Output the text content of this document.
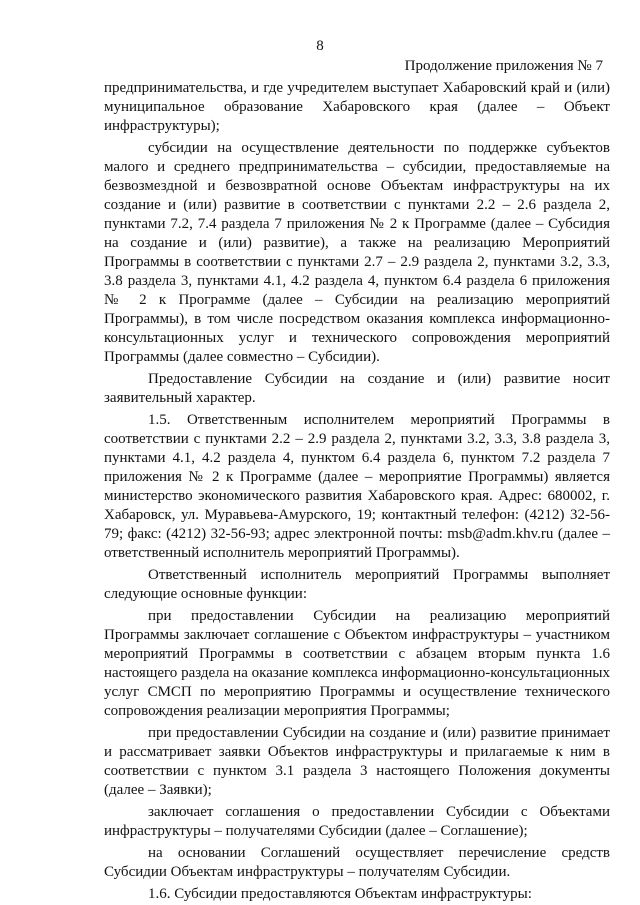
8
Продолжение приложения № 7

предпринимательства, и где учредителем выступает Хабаровский край и (или) муниципальное образование Хабаровского края (далее – Объект инфраструктуры);

субсидии на осуществление деятельности по поддержке субъектов малого и среднего предпринимательства – субсидии, предоставляемые на безвозмездной и безвозвратной основе Объектам инфраструктуры на их создание и (или) развитие в соответствии с пунктами 2.2 – 2.6 раздела 2, пунктами 7.2, 7.4 раздела 7 приложения № 2 к Программе (далее – Субсидия на создание и (или) развитие), а также на реализацию Мероприятий Программы в соответствии с пунктами 2.7 – 2.9 раздела 2, пунктами 3.2, 3.3, 3.8 раздела 3, пунктами 4.1, 4.2 раздела 4, пунктом 6.4 раздела 6 приложения № 2 к Программе (далее – Субсидии на реализацию мероприятий Программы), в том числе посредством оказания комплекса информационно-консультационных услуг и технического сопровождения мероприятий Программы (далее совместно – Субсидии).

Предоставление Субсидии на создание и (или) развитие носит заявительный характер.

1.5. Ответственным исполнителем мероприятий Программы в соответствии с пунктами 2.2 – 2.9 раздела 2, пунктами 3.2, 3.3, 3.8 раздела 3, пунктами 4.1, 4.2 раздела 4, пунктом 6.4 раздела 6, пунктом 7.2 раздела 7 приложения № 2 к Программе (далее – мероприятие Программы) является министерство экономического развития Хабаровского края. Адрес: 680002, г. Хабаровск, ул. Муравьева-Амурского, 19; контактный телефон: (4212) 32-56-79; факс: (4212) 32-56-93; адрес электронной почты: msb@adm.khv.ru (далее – ответственный исполнитель мероприятий Программы).

Ответственный исполнитель мероприятий Программы выполняет следующие основные функции:

при предоставлении Субсидии на реализацию мероприятий Программы заключает соглашение с Объектом инфраструктуры – участником мероприятий Программы в соответствии с абзацем вторым пункта 1.6 настоящего раздела на оказание комплекса информационно-консультационных услуг СМСП по мероприятию Программы и осуществление технического сопровождения реализации мероприятия Программы;

при предоставлении Субсидии на создание и (или) развитие принимает и рассматривает заявки Объектов инфраструктуры и прилагаемые к ним в соответствии с пунктом 3.1 раздела 3 настоящего Положения документы (далее – Заявки);

заключает соглашения о предоставлении Субсидии с Объектами инфраструктуры – получателями Субсидии (далее – Соглашение);

на основании Соглашений осуществляет перечисление средств Субсидии Объектам инфраструктуры – получателям Субсидии.

1.6. Субсидии предоставляются Объектам инфраструктуры:
